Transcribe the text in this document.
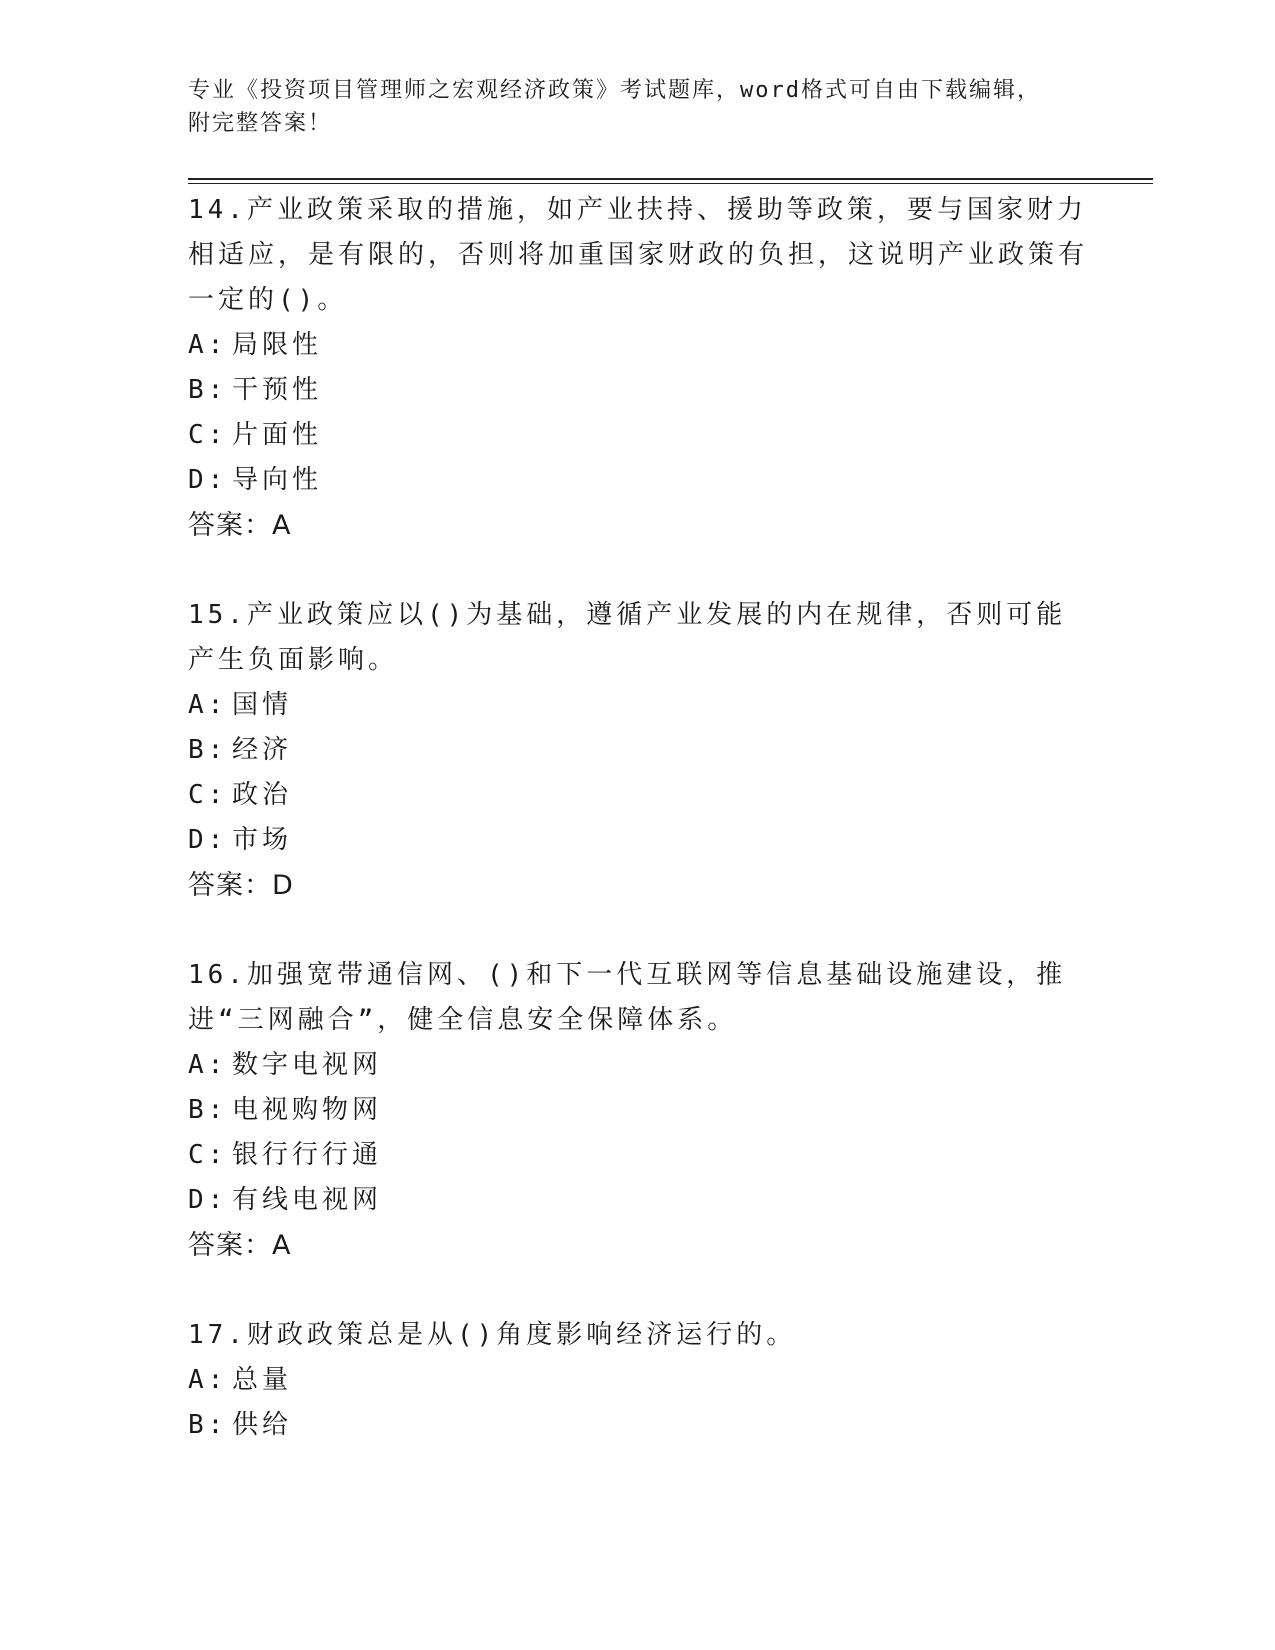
专业《投资项目管理师之宏观经济政策》考试题库，word格式可自由下载编辑，
附完整答案！

14.产业政策采取的措施，如产业扶持、援助等政策，要与国家财力相适应，是有限的，否则将加重国家财政的负担，这说明产业政策有一定的()。

A: 局限性

B: 干预性

C: 片面性

D: 导向性

答案：A

15.产业政策应以()为基础，遵循产业发展的内在规律，否则可能产生负面影响。

A: 国情

B: 经济

C: 政治

D: 市场

答案：D

16.加强宽带通信网、()和下一代互联网等信息基础设施建设，推进“三网融合”，健全信息安全保障体系。

A: 数字电视网

B: 电视购物网

C: 银行行行通

D: 有线电视网

答案：A

17.财政政策总是从()角度影响经济运行的。

A: 总量

B: 供给
